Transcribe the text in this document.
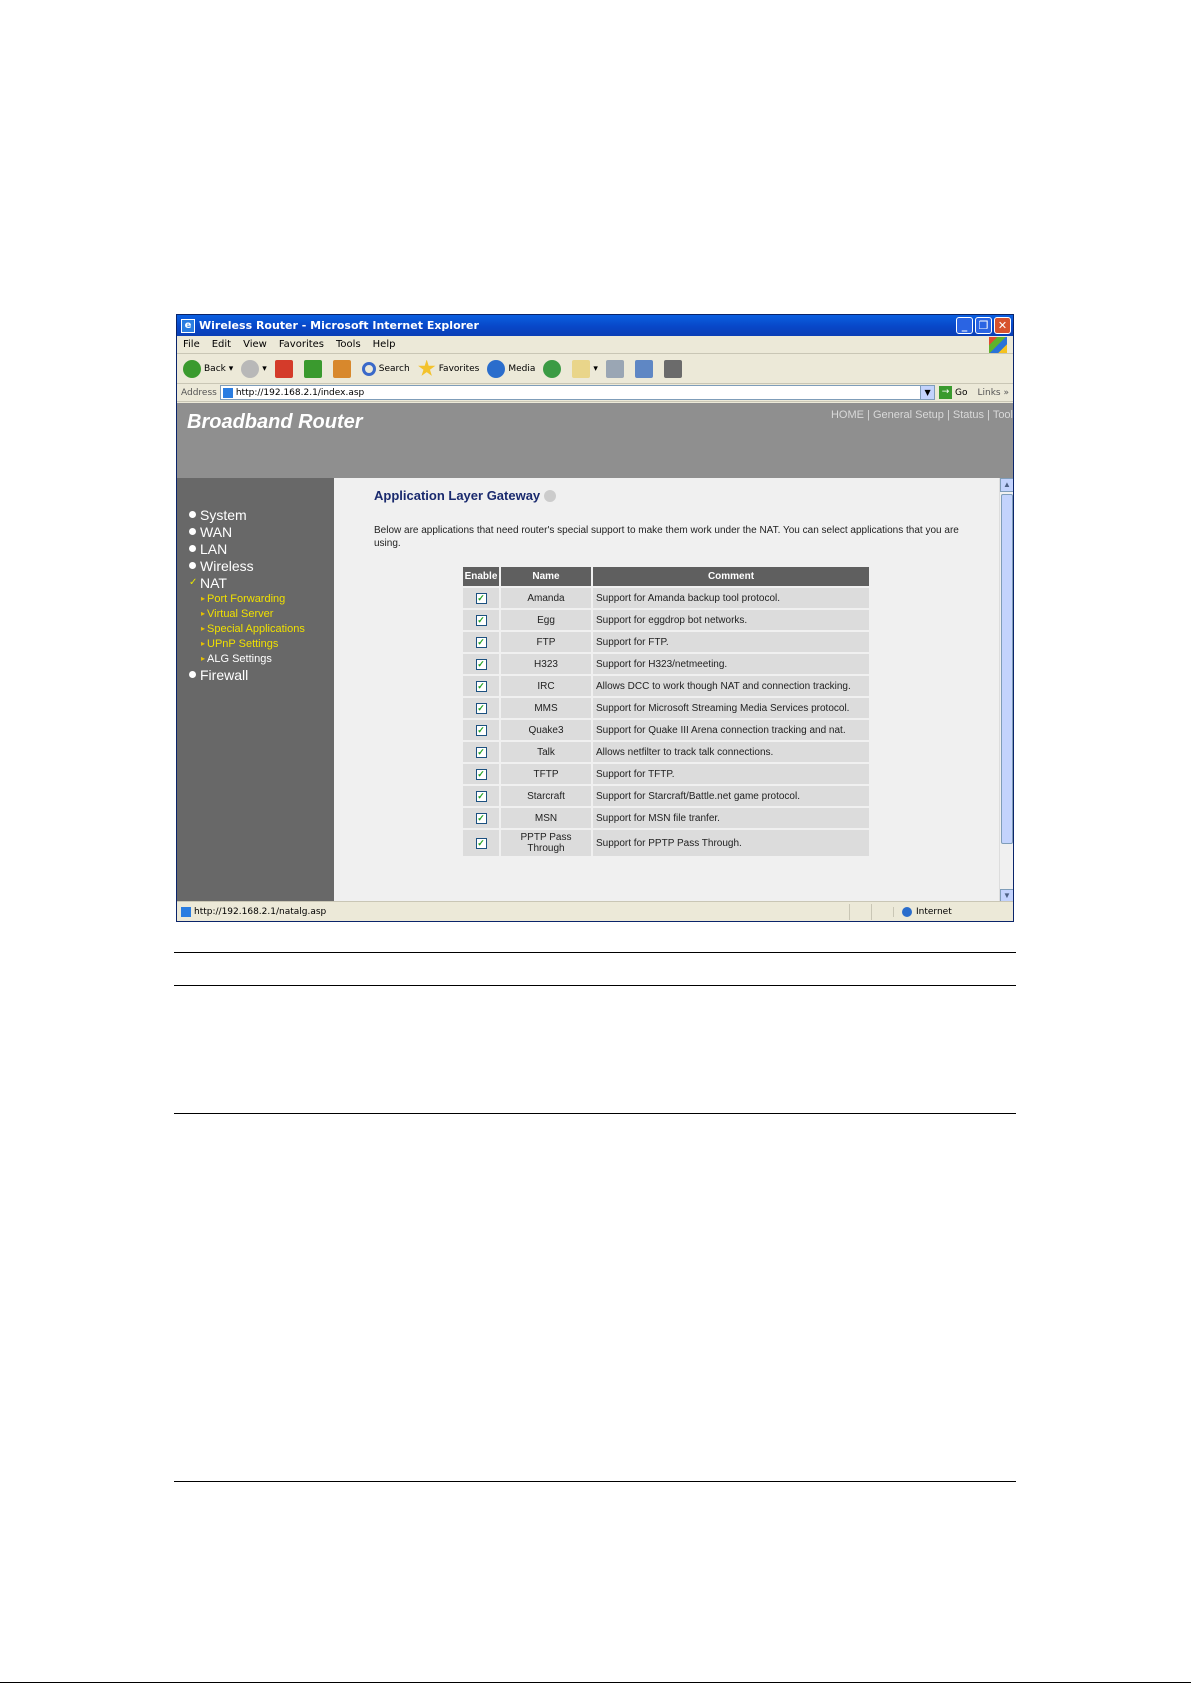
e Wireless Router - Microsoft Internet Explorer	_	❐ ✕
File Edit View Favorites Tools Help
Back ▾	▾	Search	Favorites	Media	▾
Address http://192.168.2.1/index.asp	▼	→ Go Links »
Broadband Router	HOME | General Setup | Status | Tool
System
WAN
LAN
Wireless
✓ NAT
▸ Port Forwarding
▸ Virtual Server
▸ Special Applications
▸ UPnP Settings
▸ ALG Settings
Firewall
Application Layer Gateway

Below are applications that need router's special support to make them work under the NAT. You can select applications that you are using.

Enable	Name	Comment
✓	Amanda	Support for Amanda backup tool protocol.
✓	Egg	Support for eggdrop bot networks.
✓	FTP	Support for FTP.
✓	H323	Support for H323/netmeeting.
✓	IRC	Allows DCC to work though NAT and connection tracking.
✓	MMS	Support for Microsoft Streaming Media Services protocol.
✓	Quake3	Support for Quake III Arena connection tracking and nat.
✓	Talk	Allows netfilter to track talk connections.
✓	TFTP	Support for TFTP.
✓	Starcraft	Support for Starcraft/Battle.net game protocol.
✓	MSN	Support for MSN file tranfer.
✓	PPTP Pass Through	Support for PPTP Pass Through.
▲
▼
http://192.168.2.1/natalg.asp	Internet
